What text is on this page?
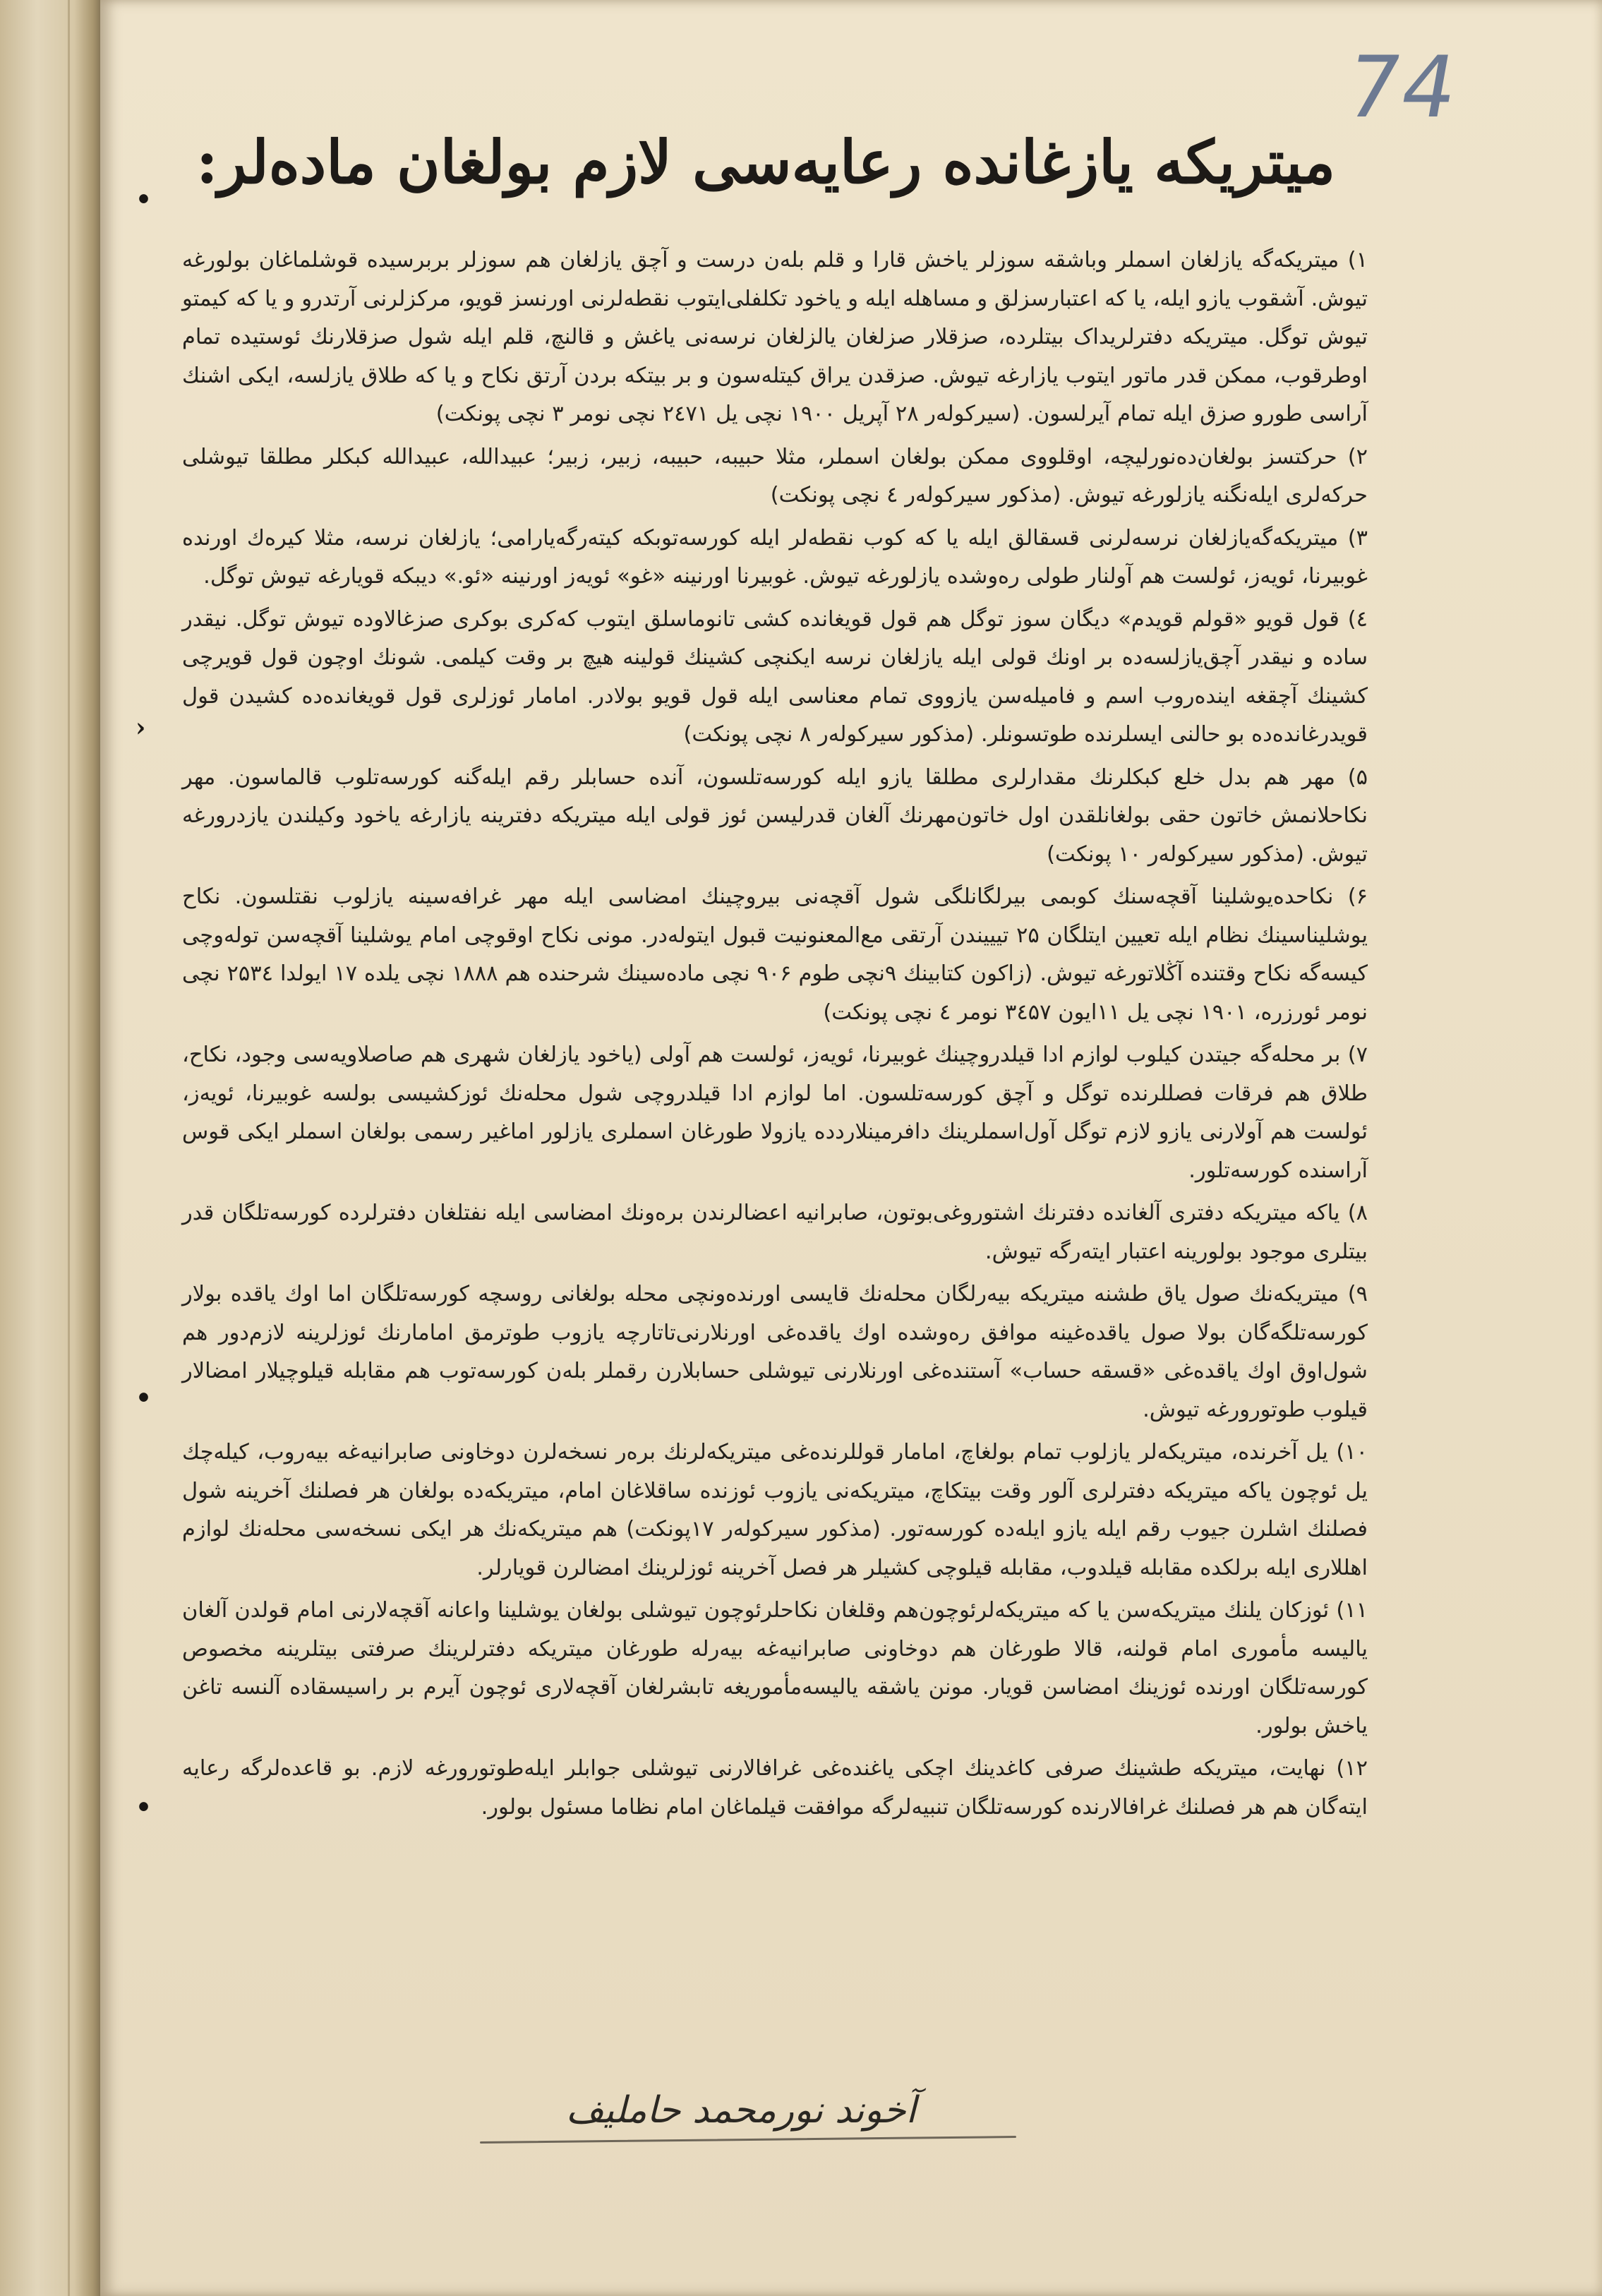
74
میتریکه یازغانده رعایه‌سی لازم بولغان ماده‌لر:
•
›
•
•

۱) میتریکه‌گه یازلغان اسملر وباشقه سوزلر یاخش قارا و قلم بله‌ن درست و آچق یازلغان هم سوزلر بربرسیده قوشلماغان بولورغه تیوش. آشقوب یازو ایله، یا که اعتبارسزلق و مساهله ایله و یاخود تکلفلی‌ایتوب نقطه‌لرنی اورنسز قویو، مرکزلرنی آرتدرو و یا که کیمتو تیوش توگل. میتریکه دفترلریدا‌ک بیتلرده، صزقلار صزلغان یالزلغان نرسه‌نی یاغش و قالنچ، قلم ایله شول صزقلارنك ئوستیده تمام اوطرقوب، ممکن قدر ماتور ایتوب یازارغه تیوش. صزقدن یراق کیتله‌سون و بر بیتکه بردن آرتق نکاح و یا که طلاق یازلسه، ایکی اشنك آراسی طورو صزق ایله تمام آیرلسون. (سیرکوله‌ر ۲۸ آپریل ۱۹۰۰ نچی یل ۲٤۷۱ نچی نومر ۳ نچی پونکت)

۲) حرکتسز بولغان‌ده‌نورلیچه، اوقلووی ممکن بولغان اسملر، مثلا حبیبه، حبیبه، زبیر، زبیر؛ عبیدالله، عبیدالله کبکلر مطلقا تیوشلی حرکه‌لری ایله‌نگنه یازلورغه تیوش. (مذکور سیرکوله‌ر ٤ نچی پونکت)

۳) میتریکه‌گه‌یازلغان نرسه‌لرنی قسقالق ایله یا که کوب نقطه‌لر ایله کورسه‌توبکه کیته‌رگه‌یارامی؛ یازلغان نرسه، مثلا کیره‌ك اورنده غوبیرنا، ئویه‌ز، ئولست هم آولنار طولی رەوشده یازلورغه تیوش. غوبیرنا اورنینه «غو» ئویه‌ز اورنینه «ئو.» دیبکه قویارغه تیوش توگل.

٤) قول قویو «قولم قویدم» دیگان سوز توگل هم قول قویغانده کشی تانوماسلق ایتوب کەکری بوکری صزغالاوده تیوش توگل. نیقدر ساده و نیقدر آچق‌یازلسه‌ده بر اونك قولی ایله یازلغان نرسه ایکنچی کشینك قولینه هیچ بر وقت کیلمی. شونك اوچون قول قویرچی کشینك آچقغه اینده‌روب اسم و فامیله‌سن یازووی تمام معناسی ایله قول قویو بولادر. امامار ئوزلری قول قویغانده‌ده کشیدن قول قویدرغانده‌ده بو حالنی ایسلرنده طوتسونلر. (مذکور سیرکوله‌ر ۸ نچی پونکت)

۵) مهر هم بدل خلع کبکلرنك مقدارلری مطلقا یازو ایله کورسه‌تلسون، آنده حسابلر رقم ایله‌گنه کورسه‌تلوب قالماسون. مهر نکاحلانمش خاتون حقی بولغانلقدن اول خاتون‌مهرنك آلغان قدرلیسن ئوز قولی ایله میتریکه دفترینه یازارغه یاخود وکیلندن یازدرورغه تیوش. (مذکور سیرکوله‌ر ۱۰ پونکت)

۶) نکاحده‌یوشلینا آقچه‌سنك کوبمی بیرلگانلگی شول آقچه‌نی بیروچینك امضاسی ایله مهر غرافه‌سینه یازلوب نقتلسون. نکاح یوشلیناسینك نظام ایله تعیین ایتلگان ۲۵ تیییندن آرتقی مع‌المعنونیت قبول ایتوله‌در. مونی نکاح اوقوچی امام یوشلینا آقچه‌سن توله‌وچی کیسه‌گه نکاح وقتنده آڭلاتورغه تیوش. (زاکون کتابینك ۹نچی طوم ۹۰۶ نچی ماده‌سینك شرحنده هم ۱۸۸۸ نچی یلده ۱۷ ایولدا ۲۵۳٤ نچی نومر ئورزره، ۱۹۰۱ نچی یل ۱۱ایون ۳٤۵۷ نومر ٤ نچی پونکت)

۷) بر محله‌گه جیتدن کیلوب لوازم ادا قیلدروچینك غوبیرنا، ئویه‌ز، ئولست هم آولی (یاخود یازلغان شهری هم صاصلاویه‌سی وجود، نکاح، طلاق هم فرقات فصللرنده توگل و آچق کورسه‌تلسون. اما لوازم ادا قیلدروچی شول محله‌نك ئوزکشیسی بولسه غوبیرنا، ئویه‌ز، ئولست هم آولارنی یازو لازم توگل آول‌اسملرینك دافرمینلاردده یازولا طورغان اسملری یازلور اماغیر رسمی بولغان اسملر ایکی قوس آراسنده کورسه‌تلور.

۸) یاکه میتریکه دفتری آلغانده دفترنك اشتوروغی‌بوتون، صابرانیه اعضالرندن برەونك امضاسی ایله نفتلغان دفترلرده کورسه‌تلگان قدر بیتلری موجود بولورینه اعتبار ایته‌رگه تیوش.

۹) میتریکه‌نك صول یاق طشنه میتریکه بیه‌رلگان محله‌نك قایسی اورنده‌ونچی محله بولغانی روسچه کورسه‌تلگان اما اوك یاقده‌ بولار کورسه‌تلگه‌گان بولا صول یاقده‌غینه موافق رەوشده اوك یاقده‌غی اورنلارنی‌تاتارچه یازوب طوترمق امامارنك ئوزلرینه لازم‌دور هم شول‌اوق اوك یاقده‌غی «قسقه حساب» آستنده‌غی اورنلارنی تیوشلی حسابلارن رقملر بله‌ن کورسه‌توب هم مقابله قیلوچیلار امضالار قیلوب طوتورورغه تیوش.

۱۰) یل آخرنده، میتریکه‌لر یازلوب تمام بولغاچ، امامار قوللرنده‌غی میتریکه‌لرنك برەر نسخه‌لرن دوخاونی صابرانیه‌غه بیه‌روب، کیله‌چك یل ئوچون یاکه میتریکه دفترلری آلور وقت بیتکاچ، میتریکه‌نی یازوب ئوزنده ساقلاغان امام، میتریکه‌ده بولغان هر فصلنك آخرینه شول فصلنك اشلرن جیوب رقم ایله یازو ایله‌ده کورسه‌تور. (مذکور سیرکوله‌ر ۱۷پونکت) هم میتریکه‌نك هر ایکی نسخه‌سی محله‌نك لوازم اهللاری ایله برلکده مقابله قیلدوب، مقابله قیلوچی کشیلر هر فصل آخرینه ئوزلرینك امضالرن قویارلر.

۱۱) ئوزکان یلنك میتریکه‌سن یا که میتریکه‌لرئوچون‌هم‌ وقلغان نکاحلرئوچون تیوشلی بولغان یوشلینا واعانه آقچه‌لارنی امام قولدن آلغان یالیسه مأموری امام قولنه، قالا طورغان هم دوخاونی صابرانیه‌غه بیه‌رله طورغان میتریکه دفترلرینك صرفتی بیتلرینه مخصوص کورسه‌تلگان اورنده ئوزینك امضاسن قویار. مونن یاشقه یالیسه‌مأموریغه تابشرلغان آقچه‌لاری ئوچون آیرم بر راسیسقاده آلنسه تاغن یاخش بولور.

۱۲) نهایت، میتریکه طشینك صرفی کاغدینك اچکی یاغنده‌غی غرافالارنی تیوشلی جوابلر ایله‌طوتورورغه لازم. بو قاعده‌لرگه رعایه ایته‌گان هم هر فصلنك غرافالارنده کورسه‌تلگان تنبیه‌لرگه موافقت قیلماغان امام نظاما مسئول بولور.

آخوند نورمحمد حاملیف
